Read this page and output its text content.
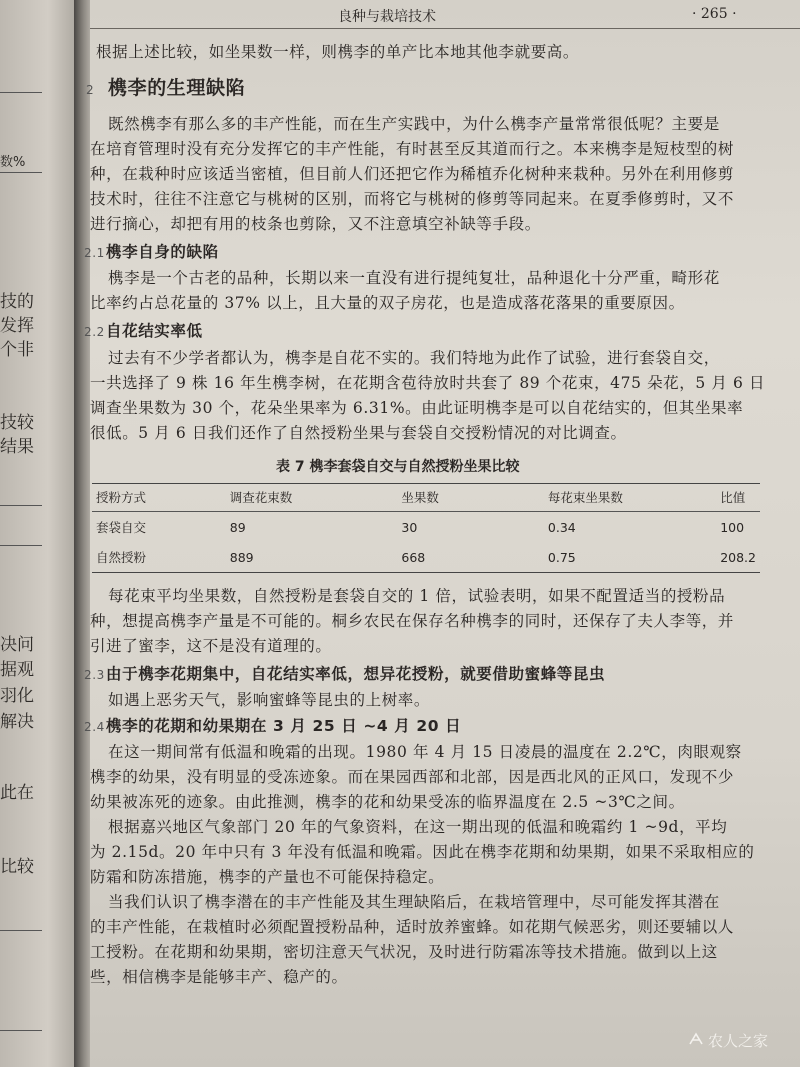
数%
技的
发挥
个非
技较
结果
决问
据观
羽化
解决
此在
比较
良种与栽培技术	· 265 ·
根据上述比较，如坐果数一样，则槜李的单产比本地其他李就要高。
2 槜李的生理缺陷
既然槜李有那么多的丰产性能，而在生产实践中，为什么槜李产量常常很低呢？主要是
在培育管理时没有充分发挥它的丰产性能，有时甚至反其道而行之。本来槜李是短枝型的树
种，在栽种时应该适当密植，但目前人们还把它作为稀植乔化树种来栽种。另外在利用修剪
技术时，往往不注意它与桃树的区别，而将它与桃树的修剪等同起来。在夏季修剪时，又不
进行摘心，却把有用的枝条也剪除，又不注意填空补缺等手段。
2.1槜李自身的缺陷
槜李是一个古老的品种，长期以来一直没有进行提纯复壮，品种退化十分严重，畸形花
比率约占总花量的 37% 以上，且大量的双子房花，也是造成落花落果的重要原因。
2.2自花结实率低
过去有不少学者都认为，槜李是自花不实的。我们特地为此作了试验，进行套袋自交，
一共选择了 9 株 16 年生槜李树，在花期含苞待放时共套了 89 个花束，475 朵花，5 月 6 日
调查坐果数为 30 个，花朵坐果率为 6.31%。由此证明槜李是可以自花结实的，但其坐果率
很低。5 月 6 日我们还作了自然授粉坐果与套袋自交授粉情况的对比调查。
表 7 槜李套袋自交与自然授粉坐果比较
授粉方式	调查花束数	坐果数	每花束坐果数	比值
套袋自交	89	30	0.34	100
自然授粉	889	668	0.75	208.2
每花束平均坐果数，自然授粉是套袋自交的 1 倍，试验表明，如果不配置适当的授粉品
种，想提高槜李产量是不可能的。桐乡农民在保存名种槜李的同时，还保存了夫人李等，并
引进了蜜李，这不是没有道理的。
2.3由于槜李花期集中，自花结实率低，想异花授粉，就要借助蜜蜂等昆虫
如遇上恶劣天气，影响蜜蜂等昆虫的上树率。
2.4槜李的花期和幼果期在 3 月 25 日 ~4 月 20 日
在这一期间常有低温和晚霜的出现。1980 年 4 月 15 日凌晨的温度在 2.2℃，肉眼观察
槜李的幼果，没有明显的受冻迹象。而在果园西部和北部，因是西北风的正风口，发现不少
幼果被冻死的迹象。由此推测，槜李的花和幼果受冻的临界温度在 2.5 ~3℃之间。
根据嘉兴地区气象部门 20 年的气象资料，在这一期出现的低温和晚霜约 1 ~9d，平均
为 2.15d。20 年中只有 3 年没有低温和晚霜。因此在槜李花期和幼果期，如果不采取相应的
防霜和防冻措施，槜李的产量也不可能保持稳定。
当我们认识了槜李潜在的丰产性能及其生理缺陷后，在栽培管理中，尽可能发挥其潜在
的丰产性能，在栽植时必须配置授粉品种，适时放养蜜蜂。如花期气候恶劣，则还要辅以人
工授粉。在花期和幼果期，密切注意天气状况，及时进行防霜冻等技术措施。做到以上这
些，相信槜李是能够丰产、稳产的。
农人之家
